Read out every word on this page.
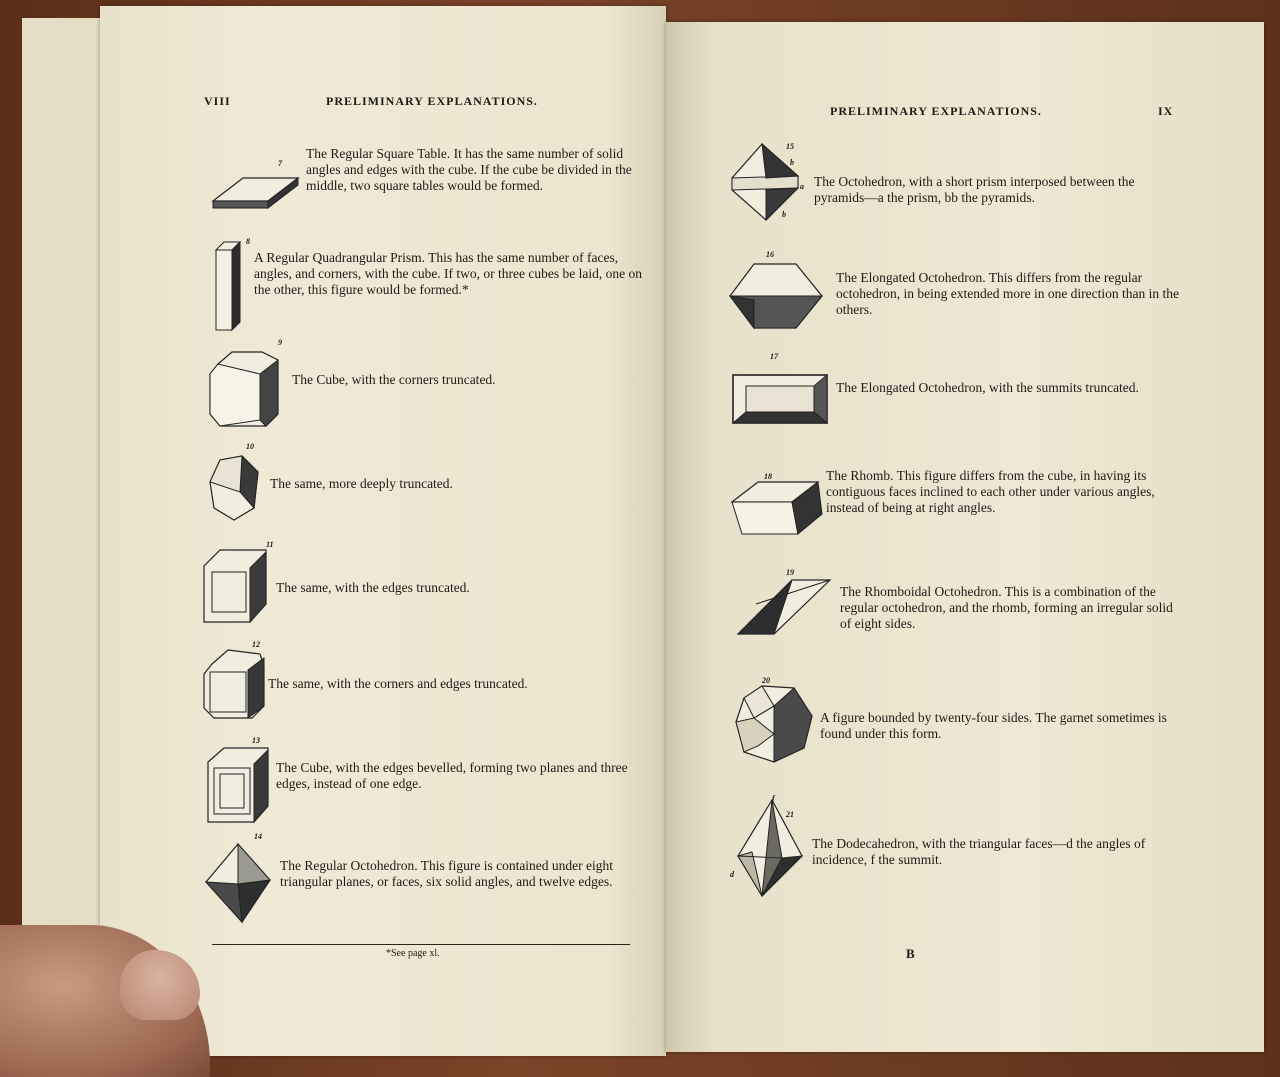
VIII	PRELIMINARY EXPLANATIONS.
7
The Regular Square Table. It has the same number of solid angles and edges with the cube. If the cube be divided in the middle, two square tables would be formed.
8
A Regular Quadrangular Prism. This has the same number of faces, angles, and corners, with the cube. If two, or three cubes be laid, one on the other, this figure would be formed.*
9
The Cube, with the corners truncated.
10
The same, more deeply truncated.
11
The same, with the edges truncated.
12
The same, with the corners and edges truncated.
13
The Cube, with the edges bevelled, forming two planes and three edges, instead of one edge.
14
The Regular Octohedron. This figure is contained under eight triangular planes, or faces, six solid angles, and twelve edges.
*See page xl.
PRELIMINARY EXPLANATIONS.	IX
15
b
a
b
The Octohedron, with a short prism interposed between the pyramids—a the prism, bb the pyramids.
16
The Elongated Octohedron. This differs from the regular octohedron, in being extended more in one direction than in the others.
17
The Elongated Octohedron, with the summits truncated.
18	The Rhomb. This figure differs from the cube, in having its contiguous faces inclined to each other under various angles, instead of being at right angles.
19
The Rhomboidal Octohedron. This is a combination of the regular octohedron, and the rhomb, forming an irregular solid of eight sides.
20
A figure bounded by twenty-four sides. The garnet sometimes is found under this form.
21
f
d
The Dodecahedron, with the triangular faces—d the angles of incidence, f the summit.
B
